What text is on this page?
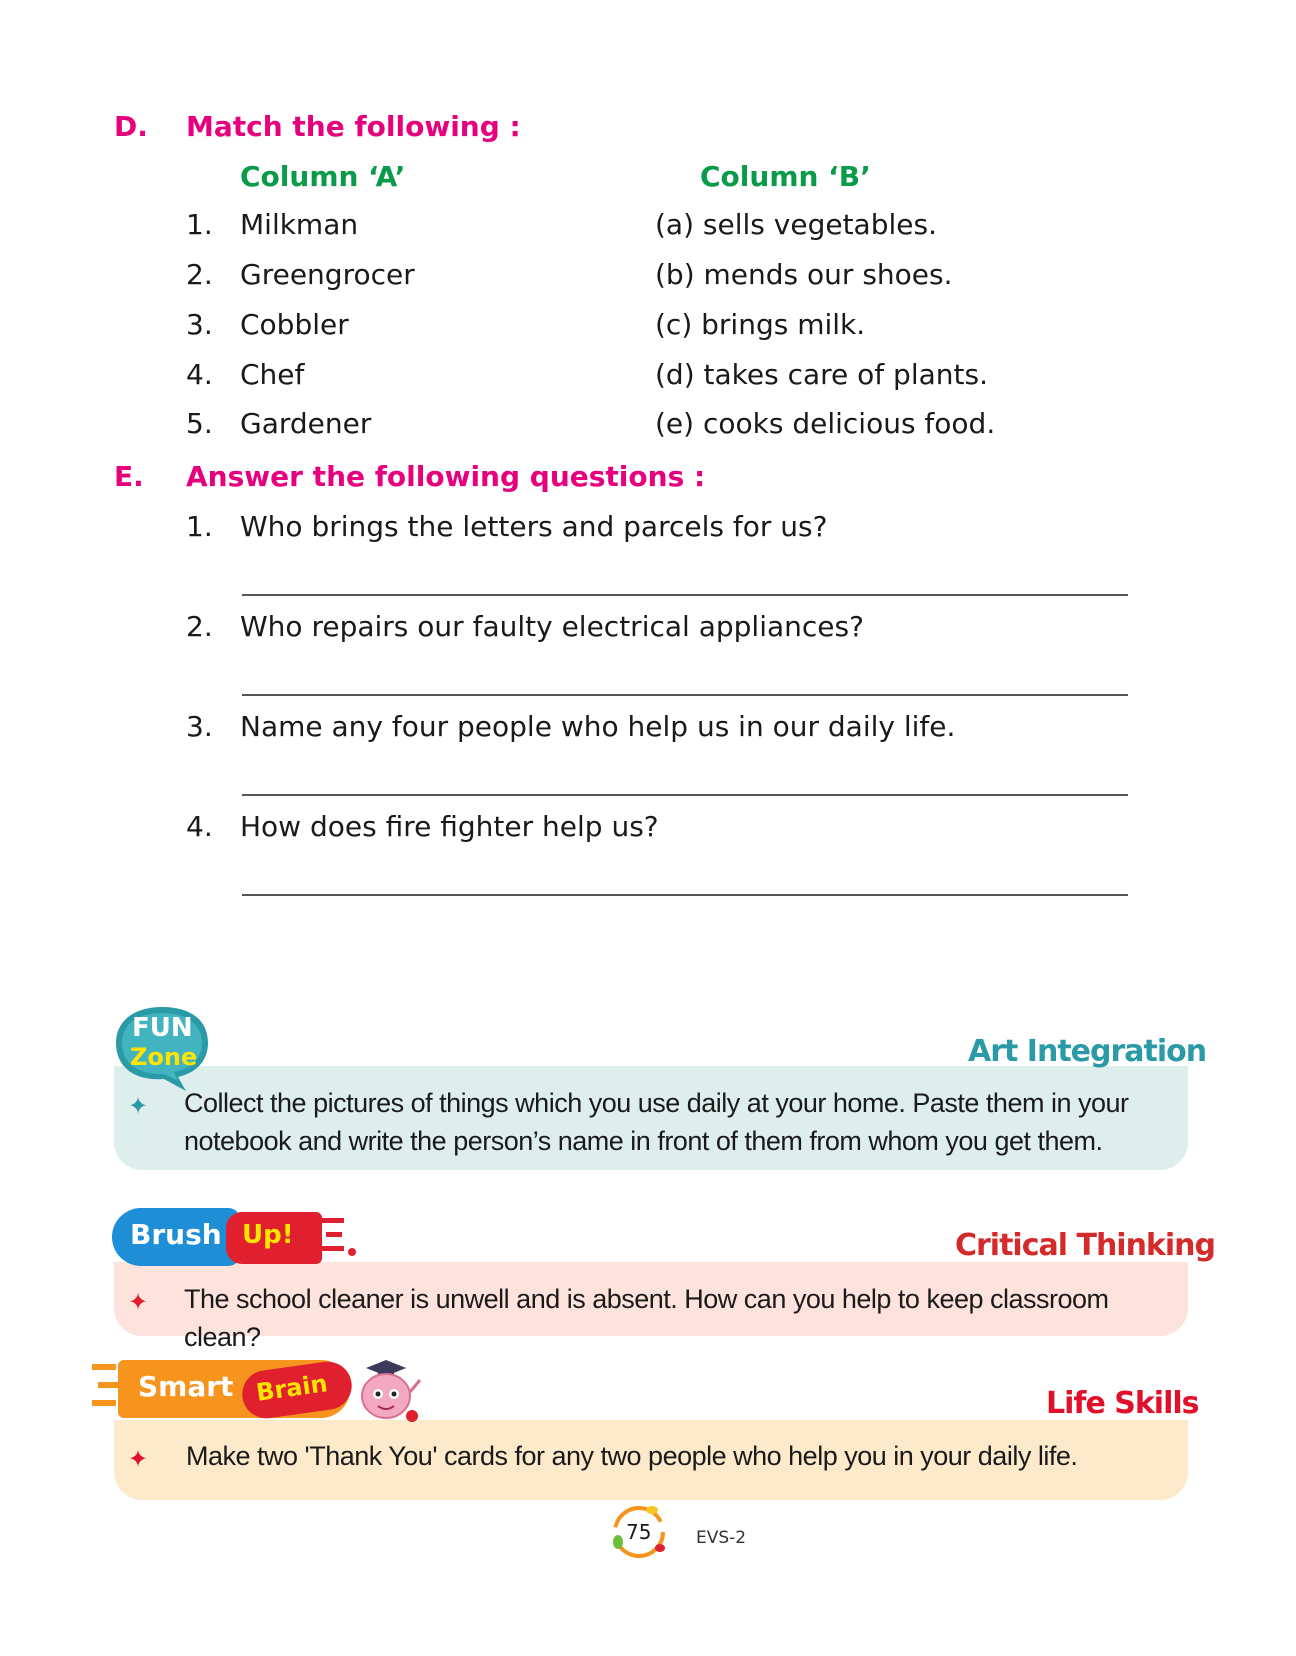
D. Match the following :
Column ‘A’	Column ‘B’
1. Milkman	(a) sells vegetables.
2. Greengrocer	(b) mends our shoes.
3. Cobbler	(c) brings milk.
4. Chef	(d) takes care of plants.
5. Gardener	(e) cooks delicious food.
E. Answer the following questions :
1. Who brings the letters and parcels for us?
2. Who repairs our faulty electrical appliances?
3. Name any four people who help us in our daily life.
4. How does fire fighter help us?
FUN
Zone	Art Integration
✦ Collect the pictures of things which you use daily at your home. Paste them in your notebook and write the person’s name in front of them from whom you get them.
Brush Up!	Critical Thinking
✦ The school cleaner is unwell and is absent. How can you help to keep classroom clean?
Smart Brain	Life Skills
✦ Make two 'Thank You' cards for any two people who help you in your daily life.
75	EVS-2
